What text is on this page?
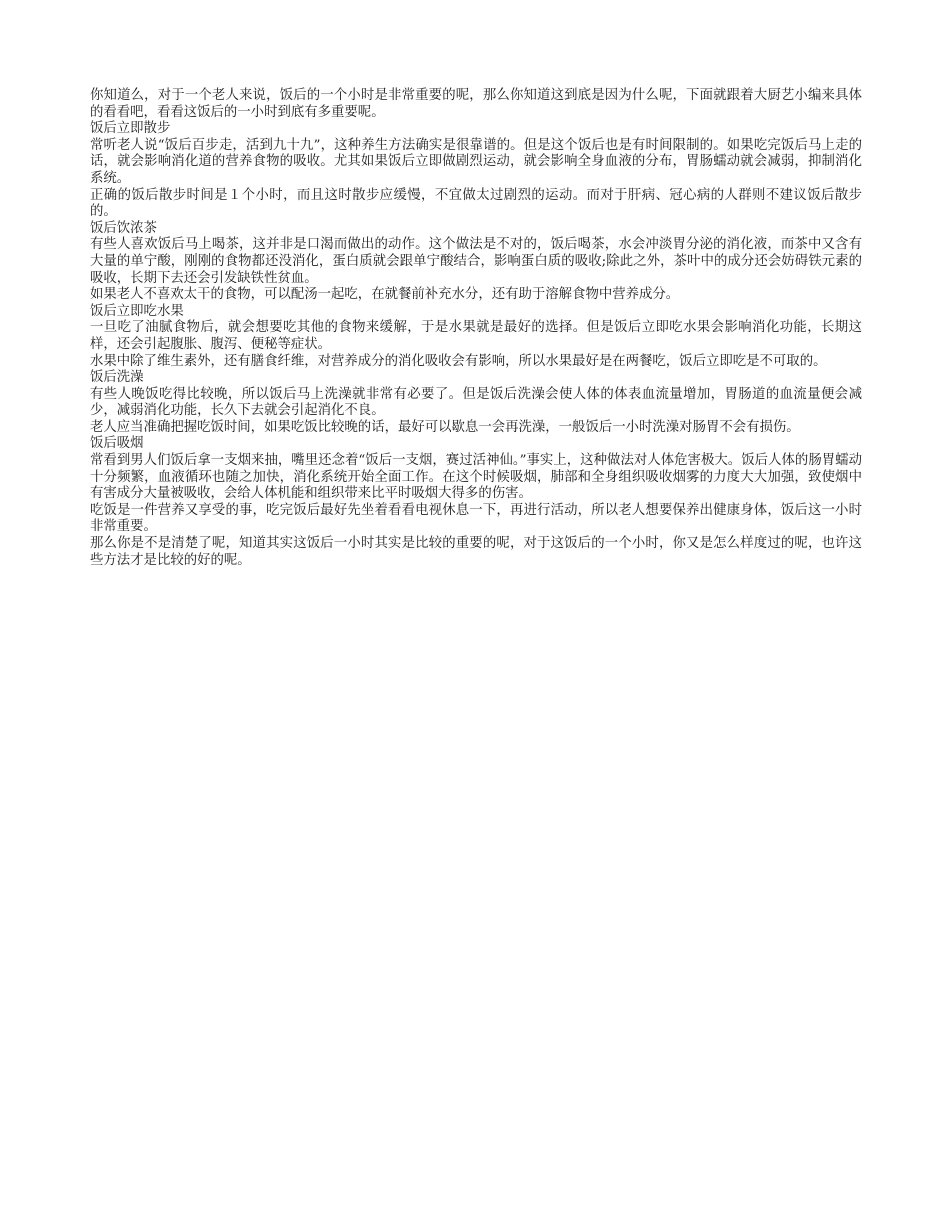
你知道么，对于一个老人来说，饭后的一个小时是非常重要的呢，那么你知道这到底是因为什么呢，下面就跟着大厨艺小编来具体的看看吧，看看这饭后的一小时到底有多重要呢。

饭后立即散步

常听老人说“饭后百步走，活到九十九”，这种养生方法确实是很靠谱的。但是这个饭后也是有时间限制的。如果吃完饭后马上走的话，就会影响消化道的营养食物的吸收。尤其如果饭后立即做剧烈运动，就会影响全身血液的分布，胃肠蠕动就会减弱，抑制消化系统。

正确的饭后散步时间是１个小时，而且这时散步应缓慢，不宜做太过剧烈的运动。而对于肝病、冠心病的人群则不建议饭后散步的。

饭后饮浓茶

有些人喜欢饭后马上喝茶，这并非是口渴而做出的动作。这个做法是不对的，饭后喝茶，水会冲淡胃分泌的消化液，而茶中又含有大量的单宁酸，刚刚的食物都还没消化，蛋白质就会跟单宁酸结合，影响蛋白质的吸收;除此之外，茶叶中的成分还会妨碍铁元素的吸收，长期下去还会引发缺铁性贫血。

如果老人不喜欢太干的食物，可以配汤一起吃，在就餐前补充水分，还有助于溶解食物中营养成分。

饭后立即吃水果

一旦吃了油腻食物后，就会想要吃其他的食物来缓解，于是水果就是最好的选择。但是饭后立即吃水果会影响消化功能，长期这样，还会引起腹胀、腹泻、便秘等症状。

水果中除了维生素外，还有膳食纤维，对营养成分的消化吸收会有影响，所以水果最好是在两餐吃，饭后立即吃是不可取的。

饭后洗澡

有些人晚饭吃得比较晚，所以饭后马上洗澡就非常有必要了。但是饭后洗澡会使人体的体表血流量增加，胃肠道的血流量便会减少，减弱消化功能，长久下去就会引起消化不良。

老人应当准确把握吃饭时间，如果吃饭比较晚的话，最好可以歇息一会再洗澡，一般饭后一小时洗澡对肠胃不会有损伤。

饭后吸烟

常看到男人们饭后拿一支烟来抽，嘴里还念着“饭后一支烟，赛过活神仙。”事实上，这种做法对人体危害极大。饭后人体的肠胃蠕动十分频繁，血液循环也随之加快，消化系统开始全面工作。在这个时候吸烟，肺部和全身组织吸收烟雾的力度大大加强，致使烟中有害成分大量被吸收，会给人体机能和组织带来比平时吸烟大得多的伤害。

吃饭是一件营养又享受的事，吃完饭后最好先坐着看看电视休息一下，再进行活动，所以老人想要保养出健康身体，饭后这一小时非常重要。

那么你是不是清楚了呢，知道其实这饭后一小时其实是比较的重要的呢，对于这饭后的一个小时，你又是怎么样度过的呢，也许这些方法才是比较的好的呢。
